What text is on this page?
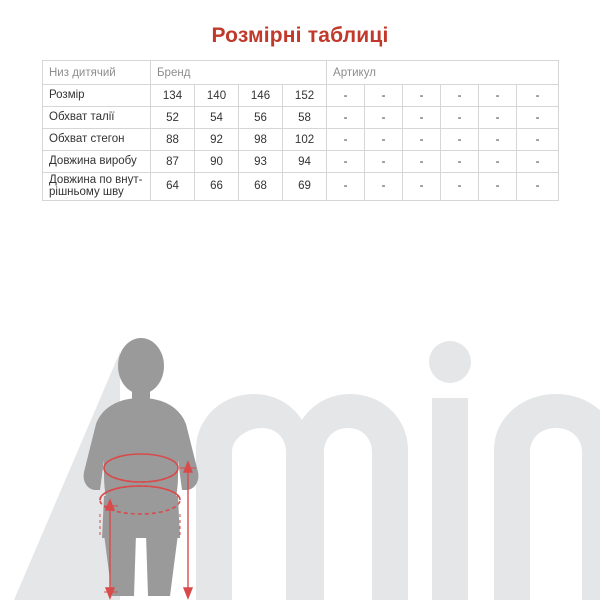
Розмірні таблиці
Низ дитячий	Бренд				Артикул					
Розмір	134	140	146	152	-	-	-	-	-	-
Обхват талії	52	54	56	58	-	-	-	-	-	-
Обхват стегон	88	92	98	102	-	-	-	-	-	-
Довжина виробу	87	90	93	94	-	-	-	-	-	-

Довжина по внут-
рішньому шву	64	66	68	69	-	-	-	-	-	-
